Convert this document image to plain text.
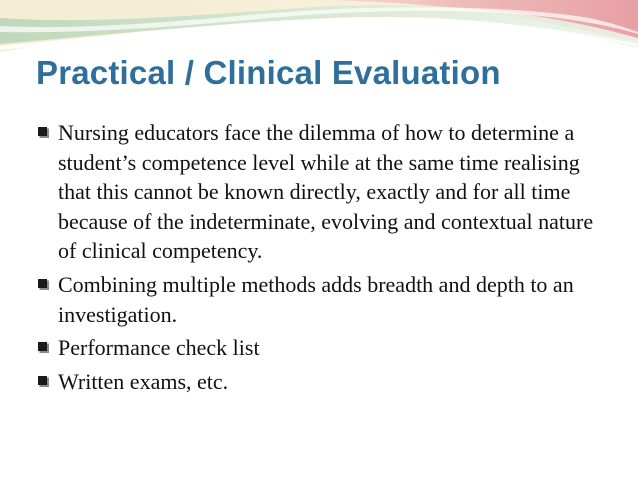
Practical / Clinical Evaluation
Nursing educators face the dilemma of how to determine a student’s competence level while at the same time realising that this cannot be known directly, exactly and for all time because of the indeterminate, evolving and contextual nature of clinical competency.
Combining multiple methods adds breadth and depth to an investigation.
Performance check list
Written exams, etc.
